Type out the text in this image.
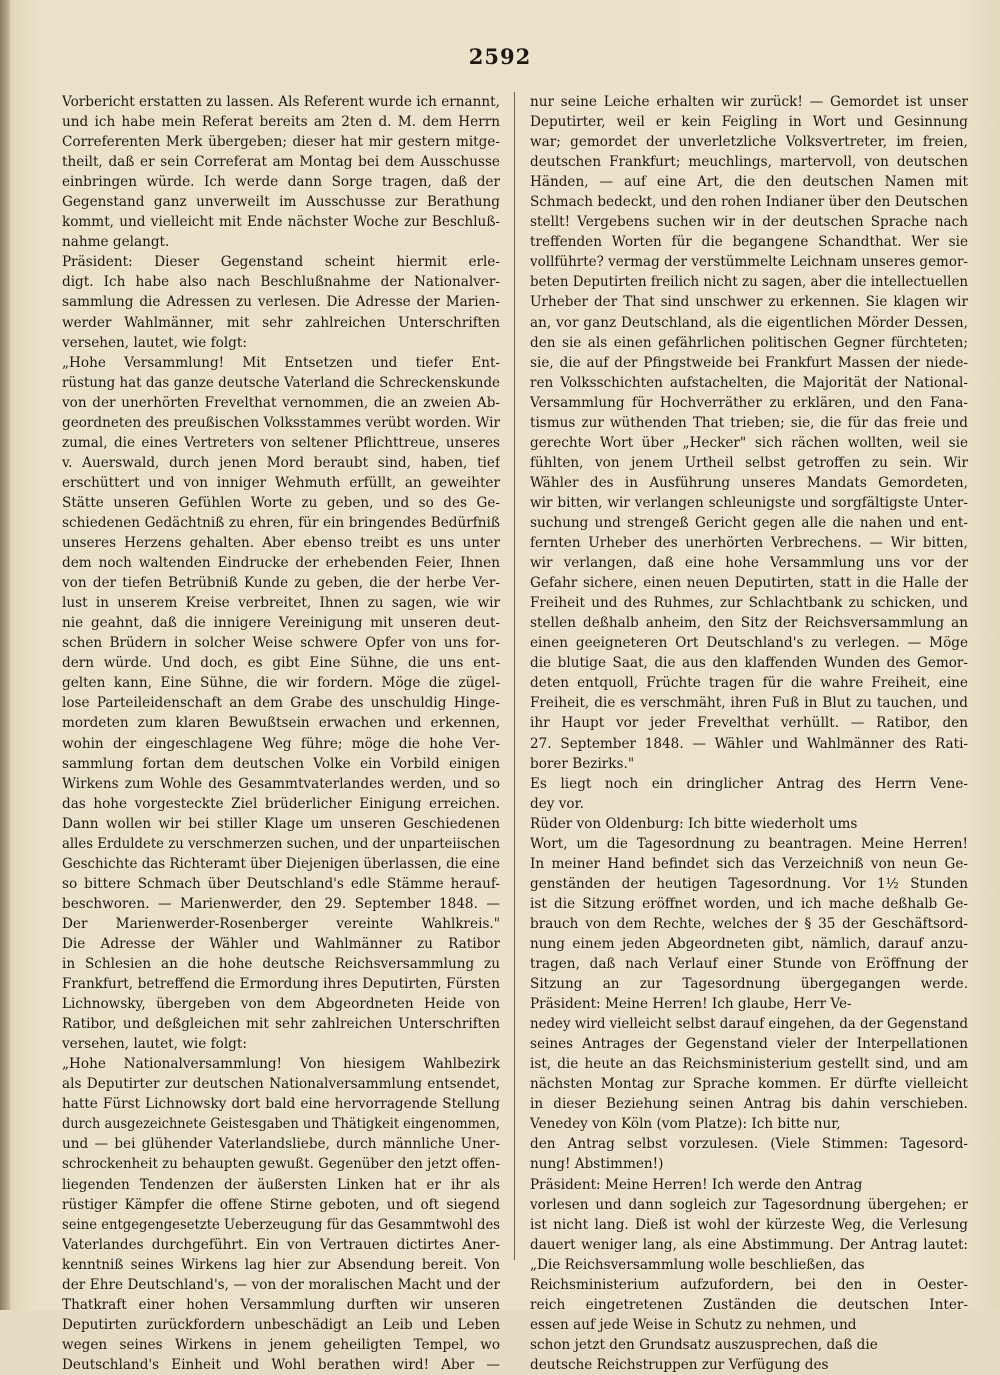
2592
Vorbericht erstatten zu lassen. Als Referent wurde ich ernannt,
und ich habe mein Referat bereits am 2ten d. M. dem Herrn
Correferenten Merk übergeben; dieser hat mir gestern mitge-
theilt, daß er sein Correferat am Montag bei dem Ausschusse
einbringen würde. Ich werde dann Sorge tragen, daß der
Gegenstand ganz unverweilt im Ausschusse zur Berathung
kommt, und vielleicht mit Ende nächster Woche zur Beschluß-
nahme gelangt.
Präsident: Dieser Gegenstand scheint hiermit erle-
digt. Ich habe also nach Beschlußnahme der Nationalver-
sammlung die Adressen zu verlesen. Die Adresse der Marien-
werder Wahlmänner, mit sehr zahlreichen Unterschriften
versehen, lautet, wie folgt:
„Hohe Versammlung! Mit Entsetzen und tiefer Ent-
rüstung hat das ganze deutsche Vaterland die Schreckenskunde
von der unerhörten Frevelthat vernommen, die an zweien Ab-
geordneten des preußischen Volksstammes verübt worden. Wir
zumal, die eines Vertreters von seltener Pflichttreue, unseres
v. Auerswald, durch jenen Mord beraubt sind, haben, tief
erschüttert und von inniger Wehmuth erfüllt, an geweihter
Stätte unseren Gefühlen Worte zu geben, und so des Ge-
schiedenen Gedächtniß zu ehren, für ein bringendes Bedürfniß
unseres Herzens gehalten. Aber ebenso treibt es uns unter
dem noch waltenden Eindrucke der erhebenden Feier, Ihnen
von der tiefen Betrübniß Kunde zu geben, die der herbe Ver-
lust in unserem Kreise verbreitet, Ihnen zu sagen, wie wir
nie geahnt, daß die innigere Vereinigung mit unseren deut-
schen Brüdern in solcher Weise schwere Opfer von uns for-
dern würde. Und doch, es gibt Eine Sühne, die uns ent-
gelten kann, Eine Sühne, die wir fordern. Möge die zügel-
lose Parteileidenschaft an dem Grabe des unschuldig Hinge-
mordeten zum klaren Bewußtsein erwachen und erkennen,
wohin der eingeschlagene Weg führe; möge die hohe Ver-
sammlung fortan dem deutschen Volke ein Vorbild einigen
Wirkens zum Wohle des Gesammtvaterlandes werden, und so
das hohe vorgesteckte Ziel brüderlicher Einigung erreichen.
Dann wollen wir bei stiller Klage um unseren Geschiedenen
alles Erduldete zu verschmerzen suchen, und der unparteiischen
Geschichte das Richteramt über Diejenigen überlassen, die eine
so bittere Schmach über Deutschland's edle Stämme herauf-
beschworen. — Marienwerder, den 29. September 1848. —
Der Marienwerder-Rosenberger vereinte Wahlkreis."
Die Adresse der Wähler und Wahlmänner zu Ratibor
in Schlesien an die hohe deutsche Reichsversammlung zu
Frankfurt, betreffend die Ermordung ihres Deputirten, Fürsten
Lichnowsky, übergeben von dem Abgeordneten Heide von
Ratibor, und deßgleichen mit sehr zahlreichen Unterschriften
versehen, lautet, wie folgt:
„Hohe Nationalversammlung! Von hiesigem Wahlbezirk
als Deputirter zur deutschen Nationalversammlung entsendet,
hatte Fürst Lichnowsky dort bald eine hervorragende Stellung
durch ausgezeichnete Geistesgaben und Thätigkeit eingenommen,
und — bei glühender Vaterlandsliebe, durch männliche Uner-
schrockenheit zu behaupten gewußt. Gegenüber den jetzt offen-
liegenden Tendenzen der äußersten Linken hat er ihr als
rüstiger Kämpfer die offene Stirne geboten, und oft siegend
seine entgegengesetzte Ueberzeugung für das Gesammtwohl des
Vaterlandes durchgeführt. Ein von Vertrauen dictirtes Aner-
kenntniß seines Wirkens lag hier zur Absendung bereit. Von
der Ehre Deutschland's, — von der moralischen Macht und der
Thatkraft einer hohen Versammlung durften wir unseren
Deputirten zurückfordern unbeschädigt an Leib und Leben
wegen seines Wirkens in jenem geheiligten Tempel, wo
Deutschland's Einheit und Wohl berathen wird! Aber —
nur seine Leiche erhalten wir zurück! — Gemordet ist unser
Deputirter, weil er kein Feigling in Wort und Gesinnung
war; gemordet der unverletzliche Volksvertreter, im freien,
deutschen Frankfurt; meuchlings, martervoll, von deutschen
Händen, — auf eine Art, die den deutschen Namen mit
Schmach bedeckt, und den rohen Indianer über den Deutschen
stellt! Vergebens suchen wir in der deutschen Sprache nach
treffenden Worten für die begangene Schandthat. Wer sie
vollführte? vermag der verstümmelte Leichnam unseres gemor-
beten Deputirten freilich nicht zu sagen, aber die intellectuellen
Urheber der That sind unschwer zu erkennen. Sie klagen wir
an, vor ganz Deutschland, als die eigentlichen Mörder Dessen,
den sie als einen gefährlichen politischen Gegner fürchteten;
sie, die auf der Pfingstweide bei Frankfurt Massen der niede-
ren Volksschichten aufstachelten, die Majorität der National-
Versammlung für Hochverräther zu erklären, und den Fana-
tismus zur wüthenden That trieben; sie, die für das freie und
gerechte Wort über „Hecker" sich rächen wollten, weil sie
fühlten, von jenem Urtheil selbst getroffen zu sein. Wir
Wähler des in Ausführung unseres Mandats Gemordeten,
wir bitten, wir verlangen schleunigste und sorgfältigste Unter-
suchung und strengeß Gericht gegen alle die nahen und ent-
fernten Urheber des unerhörten Verbrechens. — Wir bitten,
wir verlangen, daß eine hohe Versammlung uns vor der
Gefahr sichere, einen neuen Deputirten, statt in die Halle der
Freiheit und des Ruhmes, zur Schlachtbank zu schicken, und
stellen deßhalb anheim, den Sitz der Reichsversammlung an
einen geeigneteren Ort Deutschland's zu verlegen. — Möge
die blutige Saat, die aus den klaffenden Wunden des Gemor-
deten entquoll, Früchte tragen für die wahre Freiheit, eine
Freiheit, die es verschmäht, ihren Fuß in Blut zu tauchen, und
ihr Haupt vor jeder Frevelthat verhüllt. — Ratibor, den
27. September 1848. — Wähler und Wahlmänner des Rati-
borer Bezirks."
Es liegt noch ein dringlicher Antrag des Herrn Vene-
dey vor.
Rüder von Oldenburg: Ich bitte wiederholt ums
Wort, um die Tagesordnung zu beantragen. Meine Herren!
In meiner Hand befindet sich das Verzeichniß von neun Ge-
genständen der heutigen Tagesordnung. Vor 1½ Stunden
ist die Sitzung eröffnet worden, und ich mache deßhalb Ge-
brauch von dem Rechte, welches der § 35 der Geschäftsord-
nung einem jeden Abgeordneten gibt, nämlich, darauf anzu-
tragen, daß nach Verlauf einer Stunde von Eröffnung der
Sitzung an zur Tagesordnung übergegangen werde.
Präsident: Meine Herren! Ich glaube, Herr Ve-
nedey wird vielleicht selbst darauf eingehen, da der Gegenstand
seines Antrages der Gegenstand vieler der Interpellationen
ist, die heute an das Reichsministerium gestellt sind, und am
nächsten Montag zur Sprache kommen. Er dürfte vielleicht
in dieser Beziehung seinen Antrag bis dahin verschieben.
Venedey von Köln (vom Platze): Ich bitte nur,
den Antrag selbst vorzulesen. (Viele Stimmen: Tagesord-
nung! Abstimmen!)
Präsident: Meine Herren! Ich werde den Antrag
vorlesen und dann sogleich zur Tagesordnung übergehen; er
ist nicht lang. Dieß ist wohl der kürzeste Weg, die Verlesung
dauert weniger lang, als eine Abstimmung. Der Antrag lautet:
„Die Reichsversammlung wolle beschließen, das
Reichsministerium aufzufordern, bei den in Oester-
reich eingetretenen Zuständen die deutschen Inter-
essen auf jede Weise in Schutz zu nehmen, und
schon jetzt den Grundsatz auszusprechen, daß die
deutsche Reichstruppen zur Verfügung des
